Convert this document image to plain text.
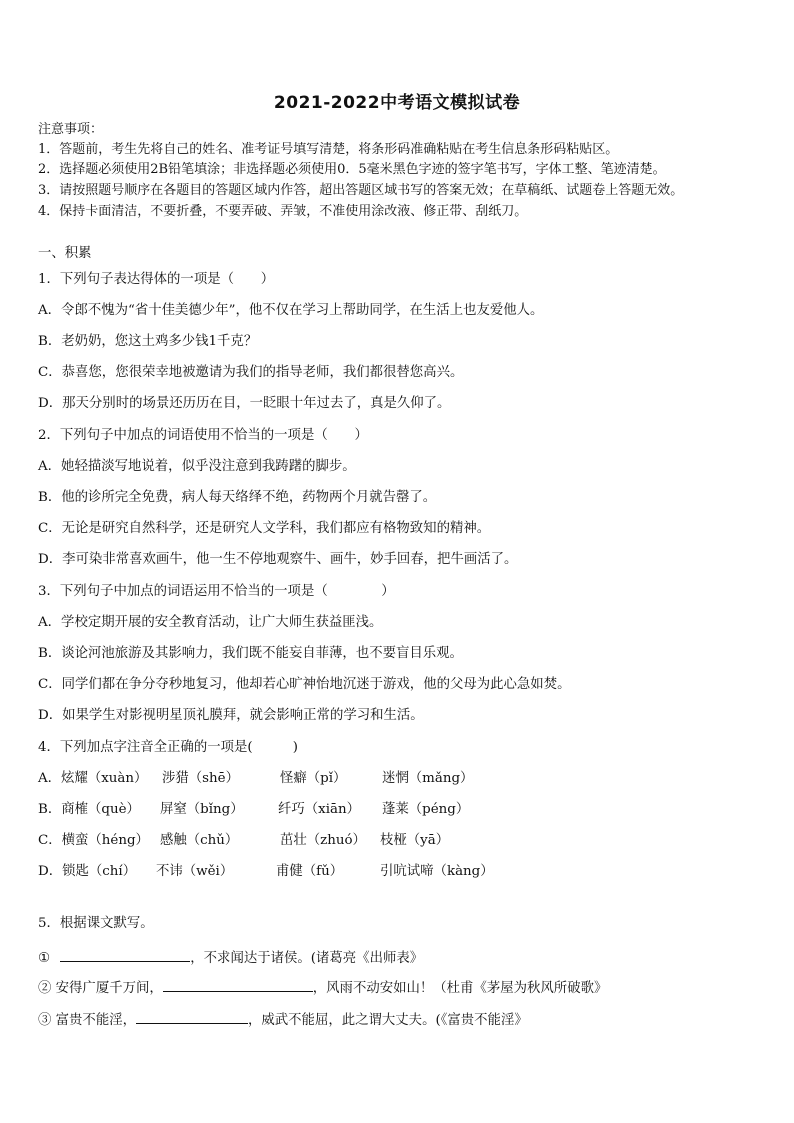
2021-2022中考语文模拟试卷
注意事项：
1．答题前，考生先将自己的姓名、准考证号填写清楚，将条形码准确粘贴在考生信息条形码粘贴区。
2．选择题必须使用2B铅笔填涂；非选择题必须使用0．5毫米黑色字迹的签字笔书写，字体工整、笔迹清楚。
3．请按照题号顺序在各题目的答题区域内作答，超出答题区域书写的答案无效；在草稿纸、试题卷上答题无效。
4．保持卡面清洁，不要折叠，不要弄破、弄皱，不准使用涂改液、修正带、刮纸刀。
一、积累
1．下列句子表达得体的一项是（　　）
A．令郎不愧为“省十佳美德少年”，他不仅在学习上帮助同学，在生活上也友爱他人。
B．老奶奶，您这土鸡多少钱1千克？
C．恭喜您，您很荣幸地被邀请为我们的指导老师，我们都很替您高兴。
D．那天分别时的场景还历历在目，一眨眼十年过去了，真是久仰了。
2．下列句子中加点的词语使用不恰当的一项是（　　）
A．她轻描淡写地说着，似乎没注意到我踌躇的脚步。
B．他的诊所完全免费，病人每天络绎不绝，药物两个月就告罄了。
C．无论是研究自然科学，还是研究人文学科，我们都应有格物致知的精神。
D．李可染非常喜欢画牛，他一生不停地观察牛、画牛，妙手回春，把牛画活了。
3．下列句子中加点的词语运用不恰当的一项是（　　　　）
A．学校定期开展的安全教育活动，让广大师生获益匪浅。
B．谈论河池旅游及其影响力，我们既不能妄自菲薄，也不要盲目乐观。
C．同学们都在争分夺秒地复习，他却若心旷神怡地沉迷于游戏，他的父母为此心急如焚。
D．如果学生对影视明星顶礼膜拜，就会影响正常的学习和生活。
4．下列加点字注音全正确的一项是(　　　)
A．炫耀（xuàn） 涉猎（shē）	怪癖（pǐ）	迷惘（mǎng）
B．商榷（què） 屏窒（bǐng）	纤巧（xiān） 蓬莱（péng）
C．横蛮（héng） 感触（chǔ）	茁壮（zhuó） 枝桠（yā）
D．锁匙（chí） 不讳（wěi）	甫健（fǔ）	引吭试啼（kàng）
5．根据课文默写。
①	，不求闻达于诸侯。(诸葛亮《出师表》
② 安得广厦千万间，	，风雨不动安如山！（杜甫《茅屋为秋风所破歌》
③ 富贵不能淫，	，威武不能屈，此之谓大丈夫。(《富贵不能淫》
